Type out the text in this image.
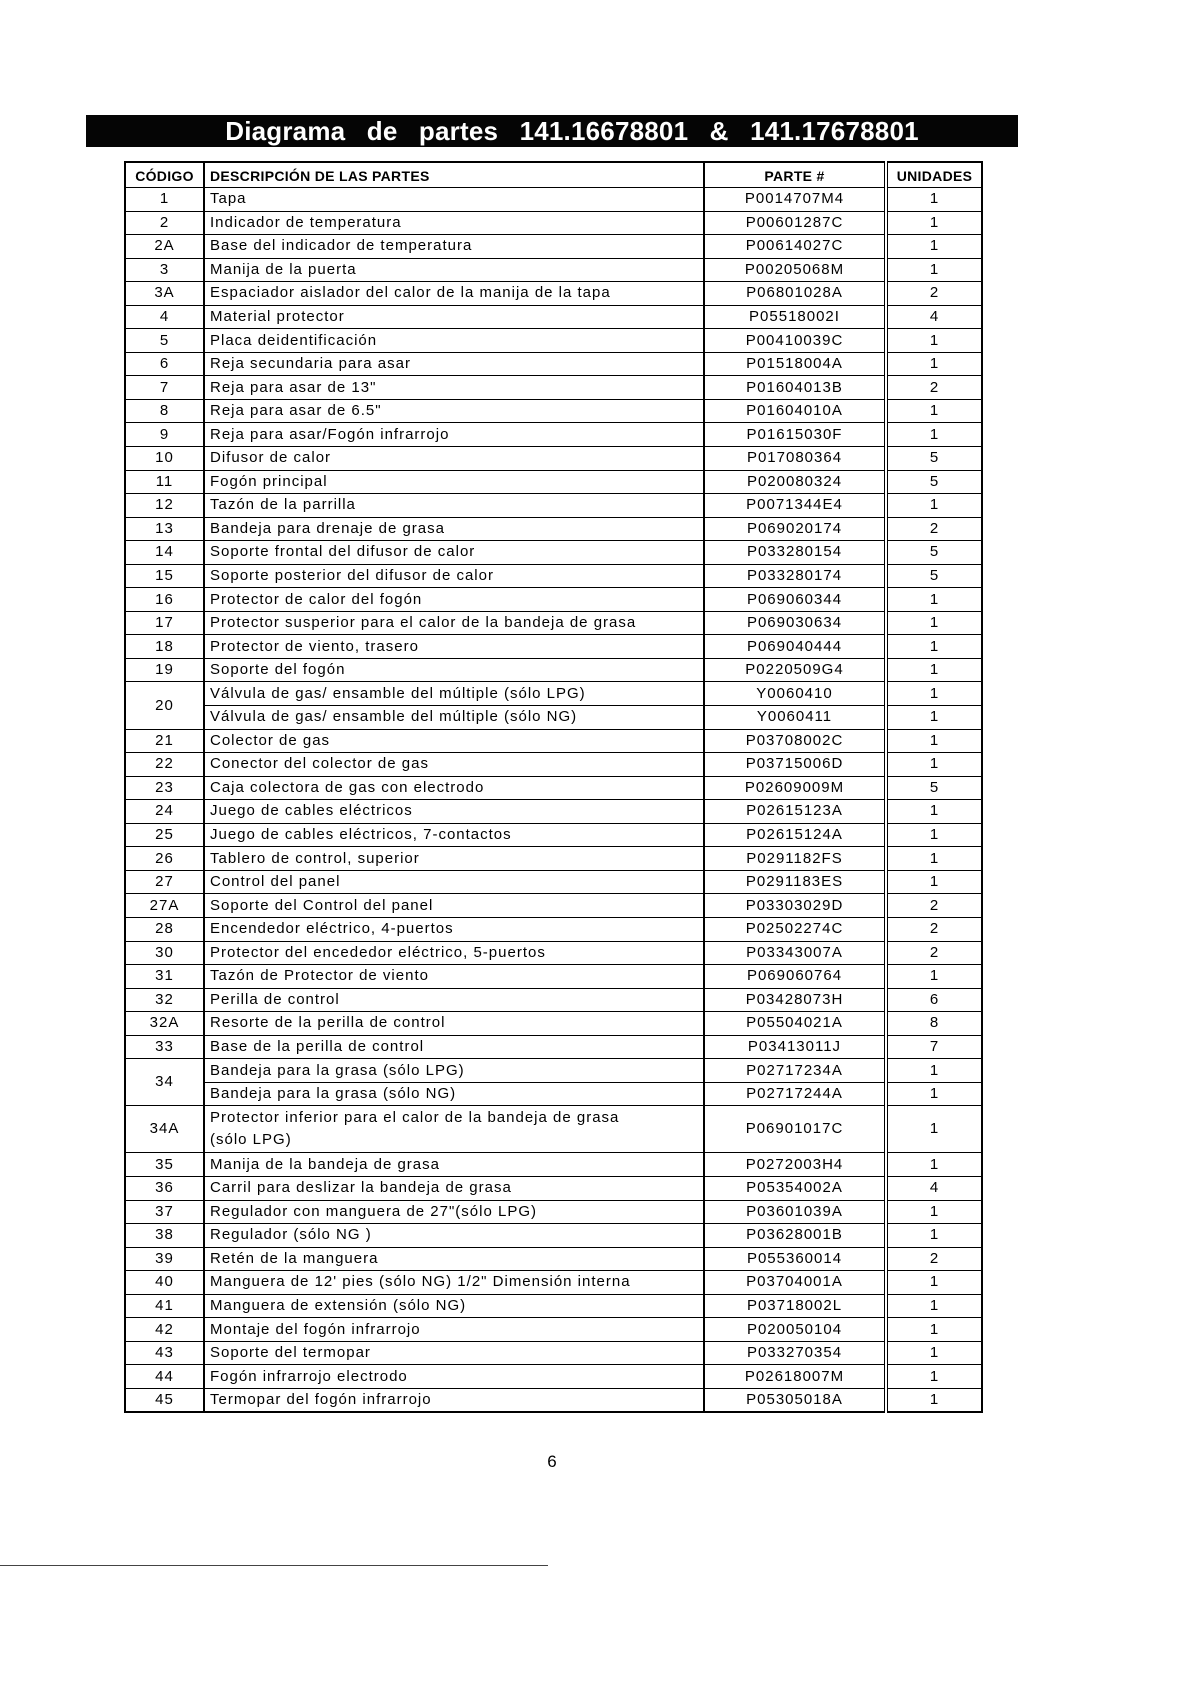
Diagrama de partes 141.16678801 & 141.17678801
CÓDIGO	DESCRIPCIÓN DE LAS PARTES	PARTE #	UNIDADES
1	Tapa	P0014707M4	1
2	Indicador de temperatura	P00601287C	1
2A	Base del indicador de temperatura	P00614027C	1
3	Manija de la puerta	P00205068M	1
3A	Espaciador aislador del calor de la manija de la tapa	P06801028A	2
4	Material protector	P05518002I	4
5	Placa deidentificación	P00410039C	1
6	Reja secundaria para asar	P01518004A	1
7	Reja para asar de 13"	P01604013B	2
8	Reja para asar de 6.5"	P01604010A	1
9	Reja para asar/Fogón infrarrojo	P01615030F	1
10	Difusor de calor	P017080364	5
11	Fogón principal	P020080324	5
12	Tazón de la parrilla	P0071344E4	1
13	Bandeja para drenaje de grasa	P069020174	2
14	Soporte frontal del difusor de calor	P033280154	5
15	Soporte posterior del difusor de calor	P033280174	5
16	Protector de calor del fogón	P069060344	1
17	Protector susperior para el calor de la bandeja de grasa	P069030634	1
18	Protector de viento, trasero	P069040444	1
19	Soporte del fogón	P0220509G4	1
20	Válvula de gas/ ensamble del múltiple (sólo LPG)	Y0060410	1
	Válvula de gas/ ensamble del múltiple (sólo NG)	Y0060411	1
21	Colector de gas	P03708002C	1
22	Conector del colector de gas	P03715006D	1
23	Caja colectora de gas con electrodo	P02609009M	5
24	Juego de cables eléctricos	P02615123A	1
25	Juego de cables eléctricos, 7-contactos	P02615124A	1
26	Tablero de control, superior	P0291182FS	1
27	Control del panel	P0291183ES	1
27A	Soporte del Control del panel	P03303029D	2
28	Encendedor eléctrico, 4-puertos	P02502274C	2
30	Protector del encededor eléctrico, 5-puertos	P03343007A	2
31	Tazón de Protector de viento	P069060764	1
32	Perilla de control	P03428073H	6
32A	Resorte de la perilla de control	P05504021A	8
33	Base de la perilla de control	P03413011J	7
34	Bandeja para la grasa (sólo LPG)	P02717234A	1
	Bandeja para la grasa (sólo NG)	P02717244A	1
34A	Protector inferior para el calor de la bandeja de grasa
(sólo LPG)	P06901017C	1
35	Manija de la bandeja de grasa	P0272003H4	1
36	Carril para deslizar la bandeja de grasa	P05354002A	4
37	Regulador con manguera de 27"(sólo LPG)	P03601039A	1
38	Regulador (sólo NG )	P03628001B	1
39	Retén de la manguera	P055360014	2
40	Manguera de 12' pies (sólo NG) 1/2" Dimensión interna	P03704001A	1
41	Manguera de extensión (sólo NG)	P03718002L	1
42	Montaje del fogón infrarrojo	P020050104	1
43	Soporte del termopar	P033270354	1
44	Fogón infrarrojo electrodo	P02618007M	1
45	Termopar del fogón infrarrojo	P05305018A	1
6
